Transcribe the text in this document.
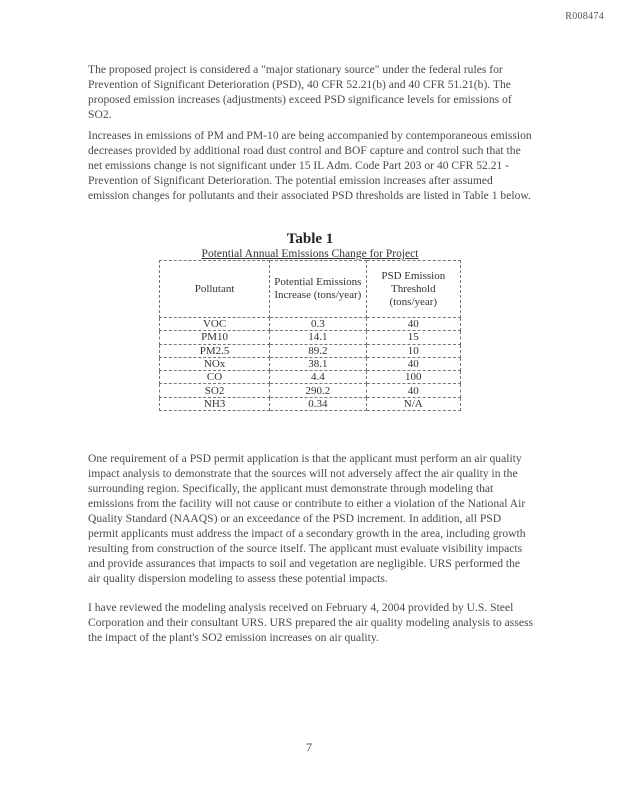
R008474
The proposed project is considered a "major stationary source" under the federal rules for Prevention of Significant Deterioration (PSD), 40 CFR 52.21(b) and 40 CFR 51.21(b). The proposed emission increases (adjustments) exceed PSD significance levels for emissions of SO2.
Increases in emissions of PM and PM-10 are being accompanied by contemporaneous emission decreases provided by additional road dust control and BOF capture and control such that the net emissions change is not significant under 15 IL Adm. Code Part 203 or 40 CFR 52.21 - Prevention of Significant Deterioration. The potential emission increases after assumed emission changes for pollutants and their associated PSD thresholds are listed in Table 1 below.
Table 1
Potential Annual Emissions Change for Project
Pollutant	Potential Emissions Increase (tons/year)	PSD Emission Threshold (tons/year)
VOC	0.3	40
PM10	14.1	15
PM2.5	89.2	10
NOx	38.1	40
CO	4.4	100
SO2	290.2	40
NH3	0.34	N/A
One requirement of a PSD permit application is that the applicant must perform an air quality impact analysis to demonstrate that the sources will not adversely affect the air quality in the surrounding region. Specifically, the applicant must demonstrate through modeling that emissions from the facility will not cause or contribute to either a violation of the National Air Quality Standard (NAAQS) or an exceedance of the PSD increment. In addition, all PSD permit applicants must address the impact of a secondary growth in the area, including growth resulting from construction of the source itself. The applicant must evaluate visibility impacts and provide assurances that impacts to soil and vegetation are negligible. URS performed the air quality dispersion modeling to assess these potential impacts.
I have reviewed the modeling analysis received on February 4, 2004 provided by U.S. Steel Corporation and their consultant URS. URS prepared the air quality modeling analysis to assess the impact of the plant's SO2 emission increases on air quality.
7
